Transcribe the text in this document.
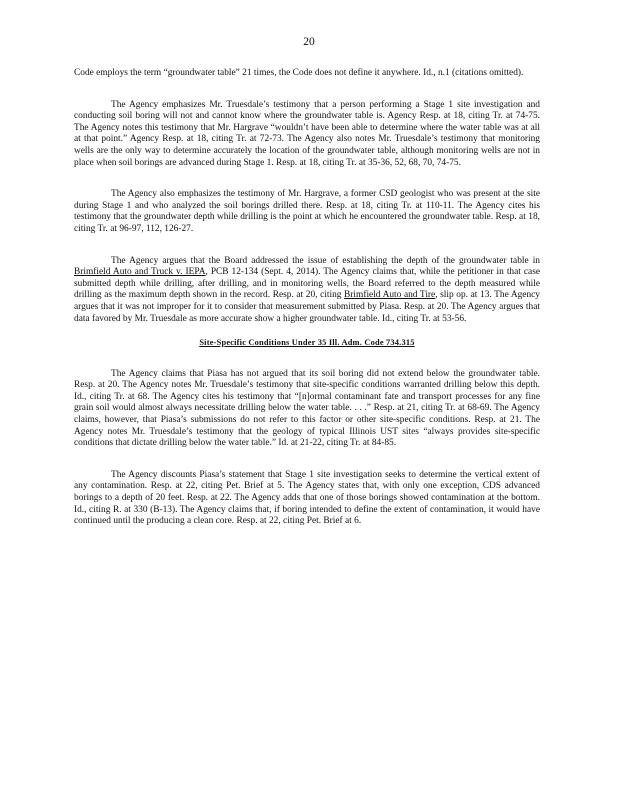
20

Code employs the term “groundwater table” 21 times, the Code does not define it anywhere. Id., n.1 (citations omitted).

The Agency emphasizes Mr. Truesdale’s testimony that a person performing a Stage 1 site investigation and conducting soil boring will not and cannot know where the groundwater table is. Agency Resp. at 18, citing Tr. at 74-75. The Agency notes this testimony that Mr. Hargrave “wouldn’t have been able to determine where the water table was at all at that point.” Agency Resp. at 18, citing Tr. at 72-73. The Agency also notes Mr. Truesdale’s testimony that monitoring wells are the only way to determine accurately the location of the groundwater table, although monitoring wells are not in place when soil borings are advanced during Stage 1. Resp. at 18, citing Tr. at 35-36, 52, 68, 70, 74-75.

The Agency also emphasizes the testimony of Mr. Hargrave, a former CSD geologist who was present at the site during Stage 1 and who analyzed the soil borings drilled there. Resp. at 18, citing Tr. at 110-11. The Agency cites his testimony that the groundwater depth while drilling is the point at which he encountered the groundwater table. Resp. at 18, citing Tr. at 96-97, 112, 126-27.

The Agency argues that the Board addressed the issue of establishing the depth of the groundwater table in Brimfield Auto and Truck v. IEPA, PCB 12-134 (Sept. 4, 2014). The Agency claims that, while the petitioner in that case submitted depth while drilling, after drilling, and in monitoring wells, the Board referred to the depth measured while drilling as the maximum depth shown in the record. Resp. at 20, citing Brimfield Auto and Tire, slip op. at 13. The Agency argues that it was not improper for it to consider that measurement submitted by Piasa. Resp. at 20. The Agency argues that data favored by Mr. Truesdale as more accurate show a higher groundwater table. Id., citing Tr. at 53-56.

Site-Specific Conditions Under 35 Ill. Adm. Code 734.315

The Agency claims that Piasa has not argued that its soil boring did not extend below the groundwater table. Resp. at 20. The Agency notes Mr. Truesdale’s testimony that site-specific conditions warranted drilling below this depth. Id., citing Tr. at 68. The Agency cites his testimony that “[n]ormal contaminant fate and transport processes for any fine grain soil would almost always necessitate drilling below the water table. . . .” Resp. at 21, citing Tr. at 68-69. The Agency claims, however, that Piasa’s submissions do not refer to this factor or other site-specific conditions. Resp. at 21. The Agency notes Mr. Truesdale’s testimony that the geology of typical Illinois UST sites “always provides site-specific conditions that dictate drilling below the water table.” Id. at 21-22, citing Tr. at 84-85.

The Agency discounts Piasa’s statement that Stage 1 site investigation seeks to determine the vertical extent of any contamination. Resp. at 22, citing Pet. Brief at 5. The Agency states that, with only one exception, CDS advanced borings to a depth of 20 feet. Resp. at 22. The Agency adds that one of those borings showed contamination at the bottom. Id., citing R. at 330 (B-13). The Agency claims that, if boring intended to define the extent of contamination, it would have continued until the producing a clean core. Resp. at 22, citing Pet. Brief at 6.
